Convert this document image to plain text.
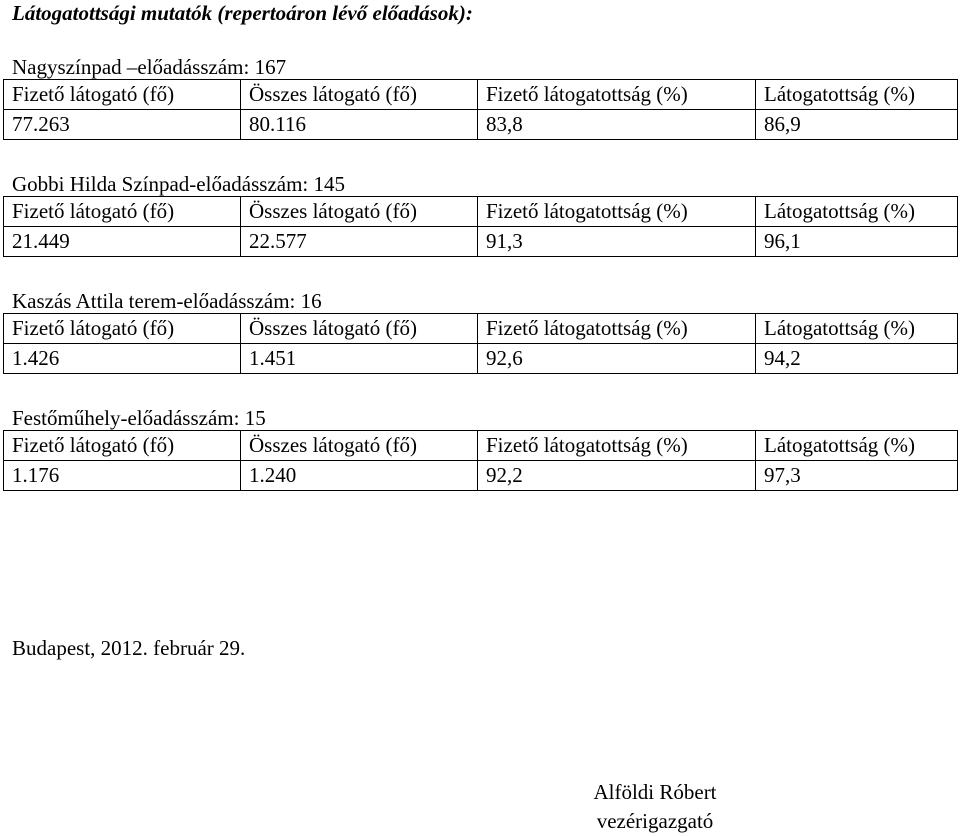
Látogatottsági mutatók (repertoáron lévő előadások):
Nagyszínpad –előadásszám: 167
Fizető látogató (fő)	Összes látogató (fő)	Fizető látogatottság (%)	Látogatottság (%)
77.263	80.116	83,8	86,9
Gobbi Hilda Színpad-előadásszám: 145
Fizető látogató (fő)	Összes látogató (fő)	Fizető látogatottság (%)	Látogatottság (%)
21.449	22.577	91,3	96,1
Kaszás Attila terem-előadásszám: 16
Fizető látogató (fő)	Összes látogató (fő)	Fizető látogatottság (%)	Látogatottság (%)
1.426	1.451	92,6	94,2
Festőműhely-előadásszám: 15
Fizető látogató (fő)	Összes látogató (fő)	Fizető látogatottság (%)	Látogatottság (%)
1.176	1.240	92,2	97,3
Budapest, 2012. február 29.
Alföldi Róbert
vezérigazgató
